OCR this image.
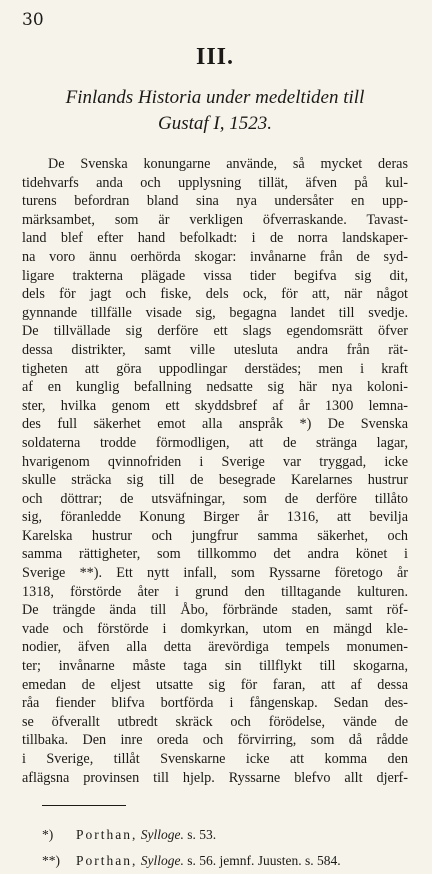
30
III.
Finlands Historia under medeltiden till
Gustaf I, 1523.
De Svenska konungarne använde, så mycket deras
tidehvarfs anda och upplysning tillät, äfven på kul-
turens befordran bland sina nya undersåter en upp-
märksambet, som är verkligen öfverraskande. Tavast-
land blef efter hand befolkadt: i de norra landskaper-
na voro ännu oerhörda skogar: invånarne från de syd-
ligare trakterna plägade vissa tider begifva sig dit,
dels för jagt och fiske, dels ock, för att, när något
gynnande tillfälle visade sig, begagna landet till svedje.
De tillvällade sig derföre ett slags egendomsrätt öfver
dessa distrikter, samt ville utesluta andra från rät-
tigheten att göra uppodlingar derstädes; men i kraft
af en kunglig befallning nedsatte sig här nya koloni-
ster, hvilka genom ett skyddsbref af år 1300 lemna-
des full säkerhet emot alla anspråk *) De Svenska
soldaterna trodde förmodligen, att de stränga lagar,
hvarigenom qvinnofriden i Sverige var tryggad, icke
skulle sträcka sig till de besegrade Karelarnes hustrur
och döttrar; de utsväfningar, som de derföre tillåto
sig, föranledde Konung Birger år 1316, att bevilja
Karelska hustrur och jungfrur samma säkerhet, och
samma rättigheter, som tillkommo det andra könet i
Sverige **). Ett nytt infall, som Ryssarne företogo år
1318, förstörde åter i grund den tilltagande kulturen.
De trängde ända till Åbo, förbrände staden, samt röf-
vade och förstörde i domkyrkan, utom en mängd kle-
nodier, äfven alla detta ärevördiga tempels monumen-
ter; invånarne måste taga sin tillflykt till skogarna,
emedan de eljest utsatte sig för faran, att af dessa
råa fiender blifva bortförda i fångenskap. Sedan des-
se öfverallt utbredt skräck och förödelse, vände de
tillbaka. Den inre oreda och förvirring, som då rådde
i Sverige, tillåt Svenskarne icke att komma den
aflägsna provinsen till hjelp. Ryssarne blefvo allt djerf-
*) Porthan, Sylloge. s. 53.
**) Porthan, Sylloge. s. 56. jemnf. Juusten. s. 584.
